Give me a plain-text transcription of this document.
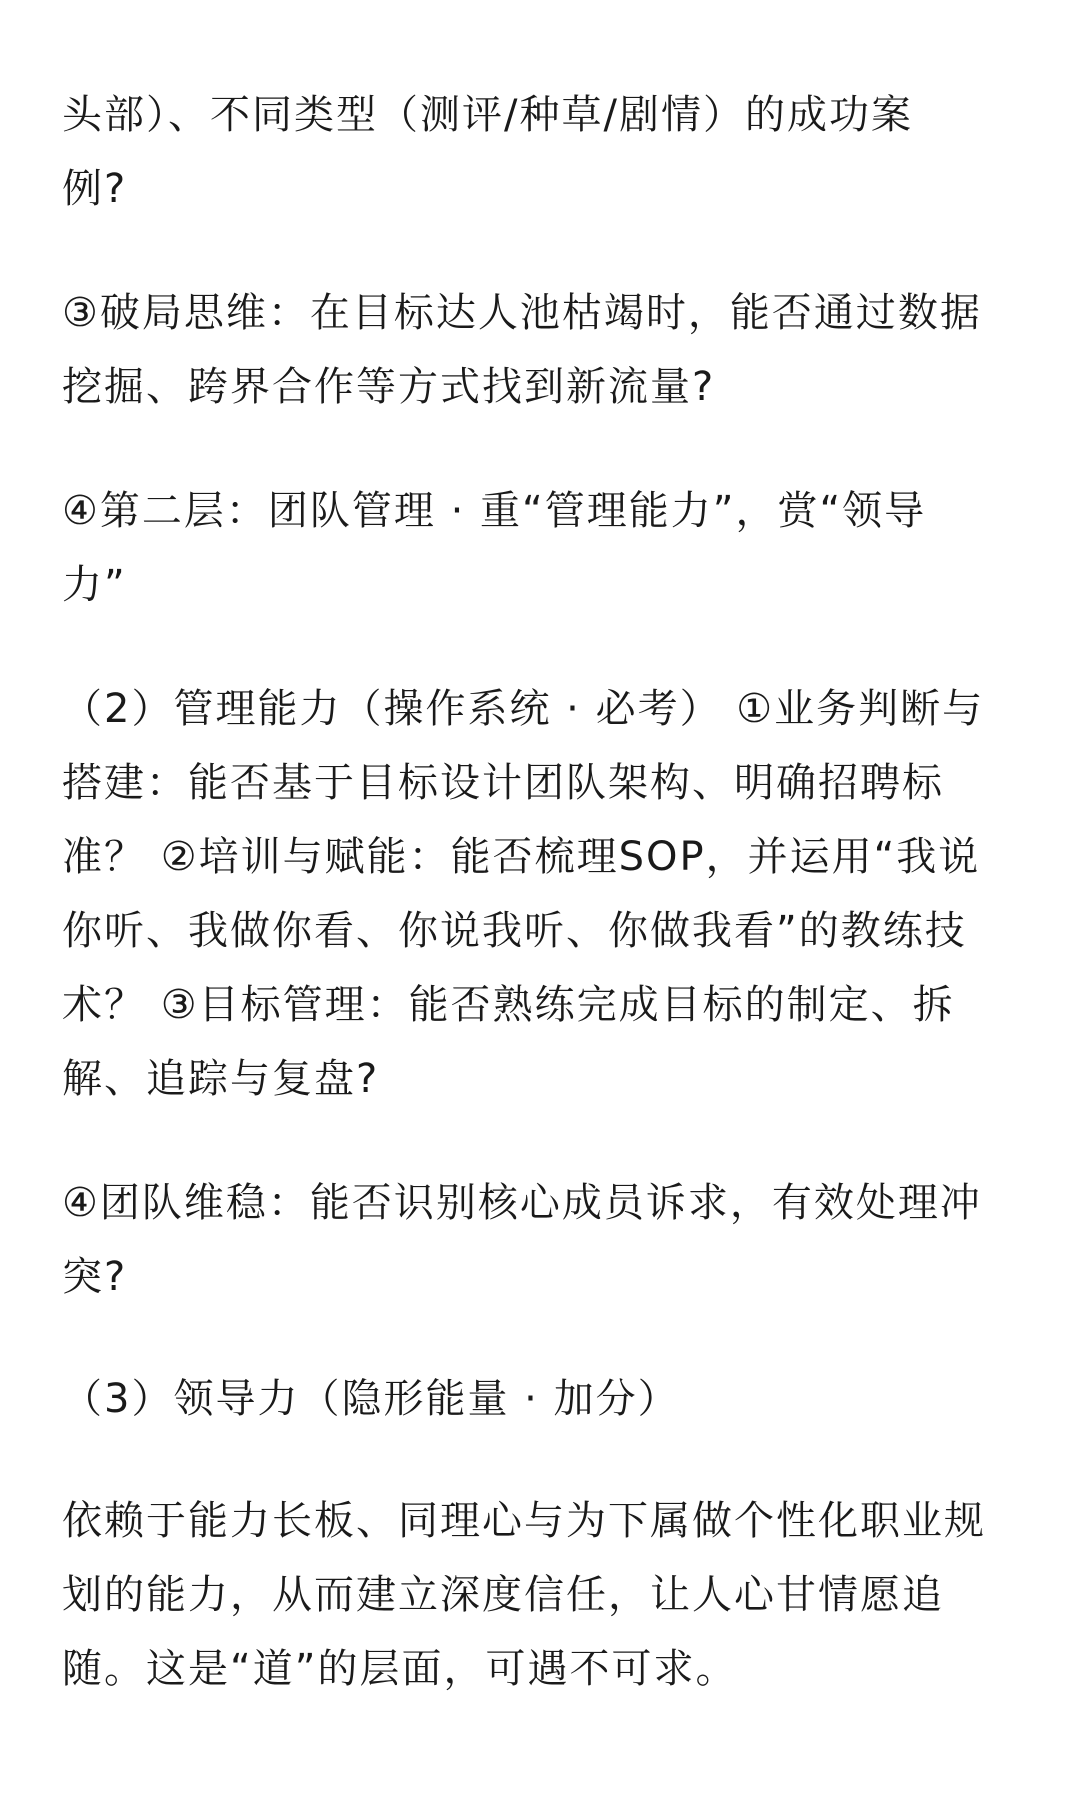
头部）、不同类型（测评/种草/剧情）的成功案
例?

③破局思维：在目标达人池枯竭时，能否通过数据
挖掘、跨界合作等方式找到新流量?

④第二层：团队管理 · 重“管理能力”，赏“领导
力”

（2）管理能力（操作系统 · 必考） ①业务判断与
搭建：能否基于目标设计团队架构、明确招聘标
准？ ②培训与赋能：能否梳理SOP，并运用“我说
你听、我做你看、你说我听、你做我看”的教练技
术？ ③目标管理：能否熟练完成目标的制定、拆
解、追踪与复盘?

④团队维稳：能否识别核心成员诉求，有效处理冲
突?

（3）领导力（隐形能量 · 加分）

依赖于能力长板、同理心与为下属做个性化职业规
划的能力，从而建立深度信任，让人心甘情愿追
随。这是“道”的层面，可遇不可求。
